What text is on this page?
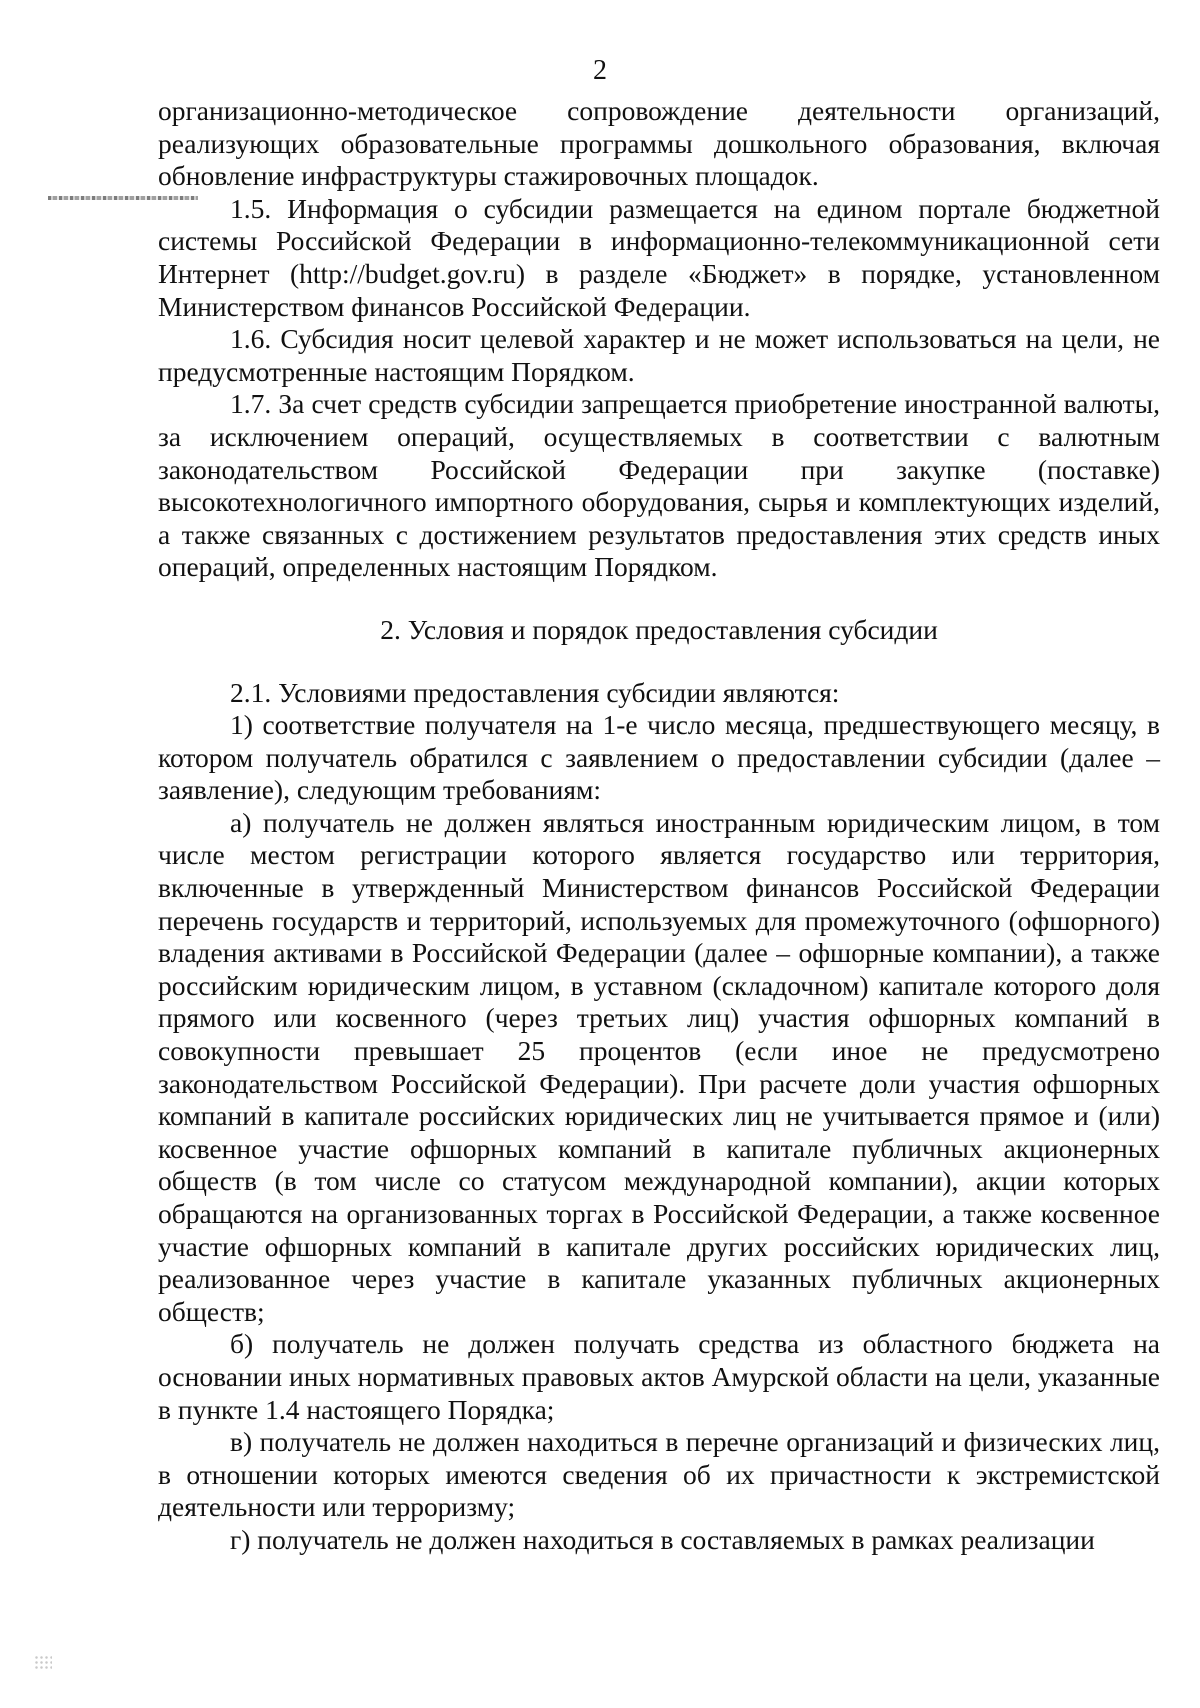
2

организационно-методическое сопровождение деятельности организаций, реализующих образовательные программы дошкольного образования, включая обновление инфраструктуры стажировочных площадок.

1.5. Информация о субсидии размещается на едином портале бюджетной системы Российской Федерации в информационно-телекоммуникационной сети Интернет (http://budget.gov.ru) в разделе «Бюджет» в порядке, установленном Министерством финансов Российской Федерации.

1.6. Субсидия носит целевой характер и не может использоваться на цели, не предусмотренные настоящим Порядком.

1.7. За счет средств субсидии запрещается приобретение иностранной валюты, за исключением операций, осуществляемых в соответствии с валютным законодательством Российской Федерации при закупке (поставке) высокотехнологичного импортного оборудования, сырья и комплектующих изделий, а также связанных с достижением результатов предоставления этих средств иных операций, определенных настоящим Порядком.

2. Условия и порядок предоставления субсидии

2.1. Условиями предоставления субсидии являются:

1) соответствие получателя на 1-е число месяца, предшествующего месяцу, в котором получатель обратился с заявлением о предоставлении субсидии (далее – заявление), следующим требованиям:

а) получатель не должен являться иностранным юридическим лицом, в том числе местом регистрации которого является государство или территория, включенные в утвержденный Министерством финансов Российской Федерации перечень государств и территорий, используемых для промежуточного (офшорного) владения активами в Российской Федерации (далее – офшорные компании), а также российским юридическим лицом, в уставном (складочном) капитале которого доля прямого или косвенного (через третьих лиц) участия офшорных компаний в совокупности превышает 25 процентов (если иное не предусмотрено законодательством Российской Федерации). При расчете доли участия офшорных компаний в капитале российских юридических лиц не учитывается прямое и (или) косвенное участие офшорных компаний в капитале публичных акционерных обществ (в том числе со статусом международной компании), акции которых обращаются на организованных торгах в Российской Федерации, а также косвенное участие офшорных компаний в капитале других российских юридических лиц, реализованное через участие в капитале указанных публичных акционерных обществ;

б) получатель не должен получать средства из областного бюджета на основании иных нормативных правовых актов Амурской области на цели, указанные в пункте 1.4 настоящего Порядка;

в) получатель не должен находиться в перечне организаций и физических лиц, в отношении которых имеются сведения об их причастности к экстремистской деятельности или терроризму;

г) получатель не должен находиться в составляемых в рамках реализации
